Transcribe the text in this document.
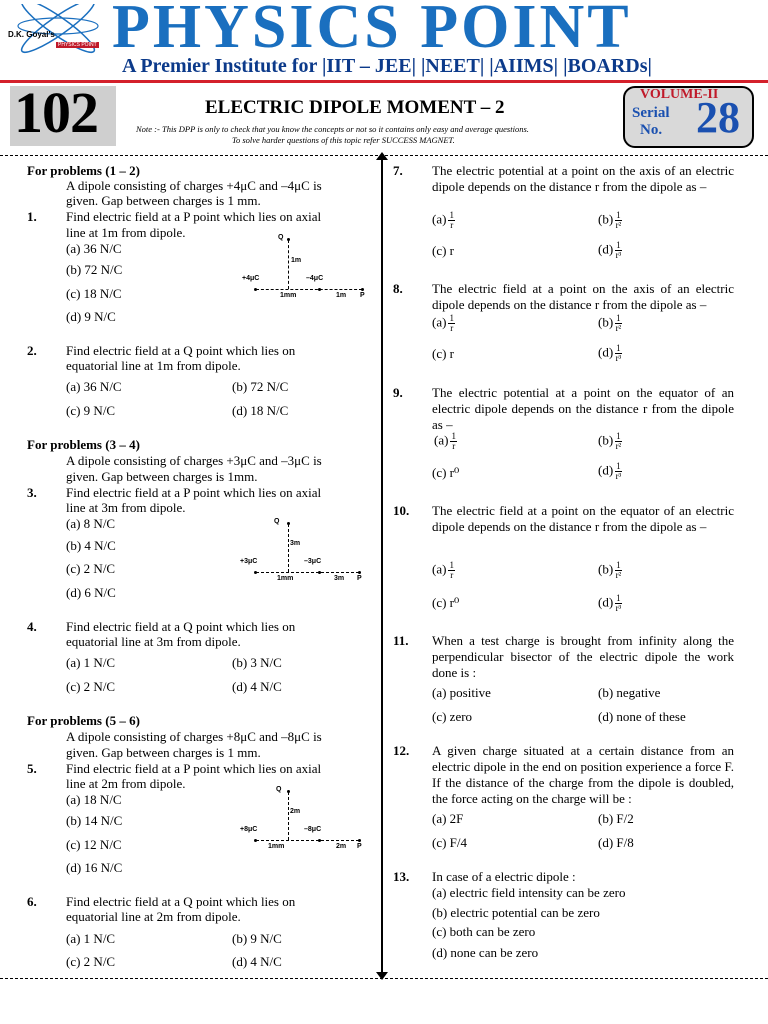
D.K. Goyal's
PHYSICS POINT PHYSICS POINT
A Premier Institute for |IIT – JEE| |NEET| |AIIMS| |BOARDs|
102	ELECTRIC DIPOLE MOMENT – 2
Note :- This DPP is only to check that you know the concepts or not so it contains only easy and average questions.
To solve harder questions of this topic refer SUCCESS MAGNET.
VOLUME-II
Serial
No. 28
For problems (1 – 2)
A dipole consisting of charges +4μC and –4μC is
given. Gap between charges is 1 mm.
1. Find electric field at a P point which lies on axial
line at 1m from dipole.
(a) 36 N/C
(b) 72 N/C
(c) 18 N/C
(d) 9 N/C
Q
1m
+4μC	–4μC
1mm	1m P
2. Find electric field at a Q point which lies on
equatorial line at 1m from dipole.
(a) 36 N/C	(b) 72 N/C
(c) 9 N/C	(d) 18 N/C
For problems (3 – 4)
A dipole consisting of charges +3μC and –3μC is
given. Gap between charges is 1mm.
3. Find electric field at a P point which lies on axial
line at 3m from dipole.
(a) 8 N/C
(b) 4 N/C
(c) 2 N/C
(d) 6 N/C
Q
3m
+3μC	–3μC
1mm	3m P
4. Find electric field at a Q point which lies on
equatorial line at 3m from dipole.
(a) 1 N/C	(b) 3 N/C
(c) 2 N/C	(d) 4 N/C
For problems (5 – 6)
A dipole consisting of charges +8μC and –8μC is
given. Gap between charges is 1 mm.
5. Find electric field at a P point which lies on axial
line at 2m from dipole.
(a) 18 N/C
(b) 14 N/C
(c) 12 N/C
(d) 16 N/C
Q
2m
+8μC	–8μC
1mm	2m P
6. Find electric field at a Q point which lies on
equatorial line at 2m from dipole.
(a) 1 N/C	(b) 9 N/C
(c) 2 N/C	(d) 4 N/C
7. The electric potential at a point on the axis of an electric dipole depends on the distance r from the dipole as –
$(a) \frac{1}{r}$	$(b) \frac{1}{\text{r²}}$
(c) r	$(d) \frac{1}{\text{r³}}$
8. The electric field at a point on the axis of an electric dipole depends on the distance r from the dipole as –
$(a) \frac{1}{r}$	$(b) \frac{1}{\text{r²}}$
(c) r	$(d) \frac{1}{\text{r³}}$
9. The electric potential at a point on the equator of an electric dipole depends on the distance r from the dipole as –
$(a) \frac{1}{r}$	$(b) \frac{1}{\text{r²}}$
(c) r⁰	$(d) \frac{1}{\text{r³}}$
10. The electric field at a point on the equator of an electric dipole depends on the distance r from the dipole as –
$(a) \frac{1}{r}$	$(b) \frac{1}{\text{r²}}$
(c) r⁰	$(d) \frac{1}{\text{r³}}$
11. When a test charge is brought from infinity along the perpendicular bisector of the electric dipole the work done is :
(a) positive	(b) negative
(c) zero	(d) none of these
12. A given charge situated at a certain distance from an electric dipole in the end on position experience a force F. If the distance of the charge from the dipole is doubled, the force acting on the charge will be :
(a) 2F	(b) F/2
(c) F/4	(d) F/8
13. In case of a electric dipole :
(a) electric field intensity can be zero
(b) electric potential can be zero
(c) both can be zero
(d) none can be zero
